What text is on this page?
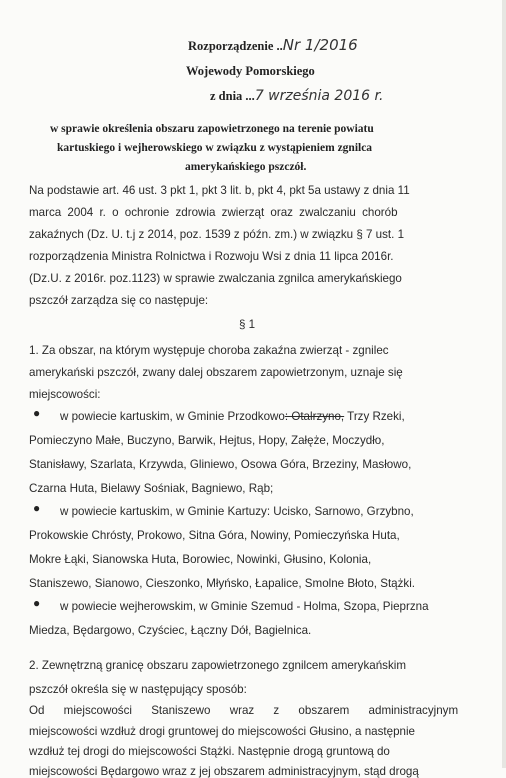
Rozporządzenie ..Nr 1/2016
Wojewody Pomorskiego
z dnia ...7 września 2016 r.
w sprawie określenia obszaru zapowietrzonego na terenie powiatu
kartuskiego i wejherowskiego w związku z wystąpieniem zgnilca
amerykańskiego pszczół.
Na podstawie art. 46 ust. 3 pkt 1, pkt 3 lit. b, pkt 4, pkt 5a ustawy z dnia 11
marca 2004 r. o ochronie zdrowia zwierząt oraz zwalczaniu chorób
zakaźnych (Dz. U. t.j z 2014, poz. 1539 z późn. zm.) w związku § 7 ust. 1
rozporządzenia Ministra Rolnictwa i Rozwoju Wsi z dnia 11 lipca 2016r.
(Dz.U. z 2016r. poz.1123) w sprawie zwalczania zgnilca amerykańskiego
pszczół zarządza się co następuje:
§ 1
1. Za obszar, na którym występuje choroba zakaźna zwierząt - zgnilec
amerykański pszczół, zwany dalej obszarem zapowietrzonym, uznaje się
miejscowości:
● w powiecie kartuskim, w Gminie Przodkowo: Otalrzyno, Trzy Rzeki,
Pomieczyno Małe, Buczyno, Barwik, Hejtus, Hopy, Załęże, Moczydło,
Stanisławy, Szarlata, Krzywda, Gliniewo, Osowa Góra, Brzeziny, Masłowo,
Czarna Huta, Bielawy Sośniak, Bagniewo, Rąb;
● w powiecie kartuskim, w Gminie Kartuzy: Ucisko, Sarnowo, Grzybno,
Prokowskie Chrósty, Prokowo, Sitna Góra, Nowiny, Pomieczyńska Huta,
Mokre Łąki, Sianowska Huta, Borowiec, Nowinki, Głusino, Kolonia,
Staniszewo, Sianowo, Cieszonko, Młyńsko, Łapalice, Smolne Błoto, Stążki.
● w powiecie wejherowskim, w Gminie Szemud - Holma, Szopa, Pieprzna
Miedza, Będargowo, Czyściec, Łączny Dół, Bagielnica.
2. Zewnętrzną granicę obszaru zapowietrzonego zgnilcem amerykańskim
pszczół określa się w następujący sposób:
Od miejscowości Staniszewo wraz z obszarem administracyjnym
miejscowości wzdłuż drogi gruntowej do miejscowości Głusino, a następnie
wzdłuż tej drogi do miejscowości Stążki. Następnie drogą gruntową do
miejscowości Będargowo wraz z jej obszarem administracyjnym, stąd drogą
